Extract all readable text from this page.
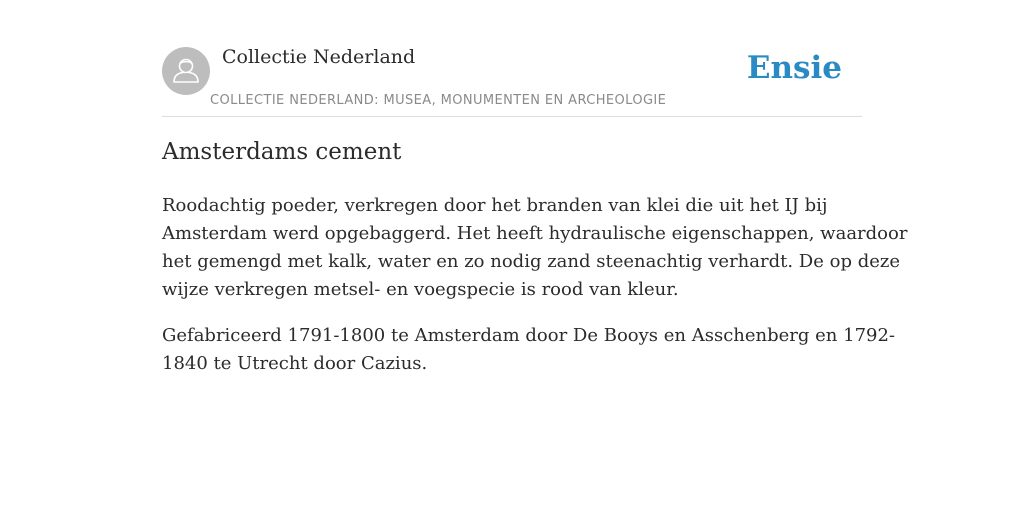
Collectie Nederland
COLLECTIE NEDERLAND: MUSEA, MONUMENTEN EN ARCHEOLOGIE
Ensie
Amsterdams cement

Roodachtig poeder, verkregen door het branden van klei die uit het IJ bij
Amsterdam werd opgebaggerd. Het heeft hydraulische eigenschappen, waardoor
het gemengd met kalk, water en zo nodig zand steenachtig verhardt. De op deze
wijze verkregen metsel- en voegspecie is rood van kleur.

Gefabriceerd 1791-1800 te Amsterdam door De Booys en Asschenberg en 1792-
1840 te Utrecht door Cazius.
